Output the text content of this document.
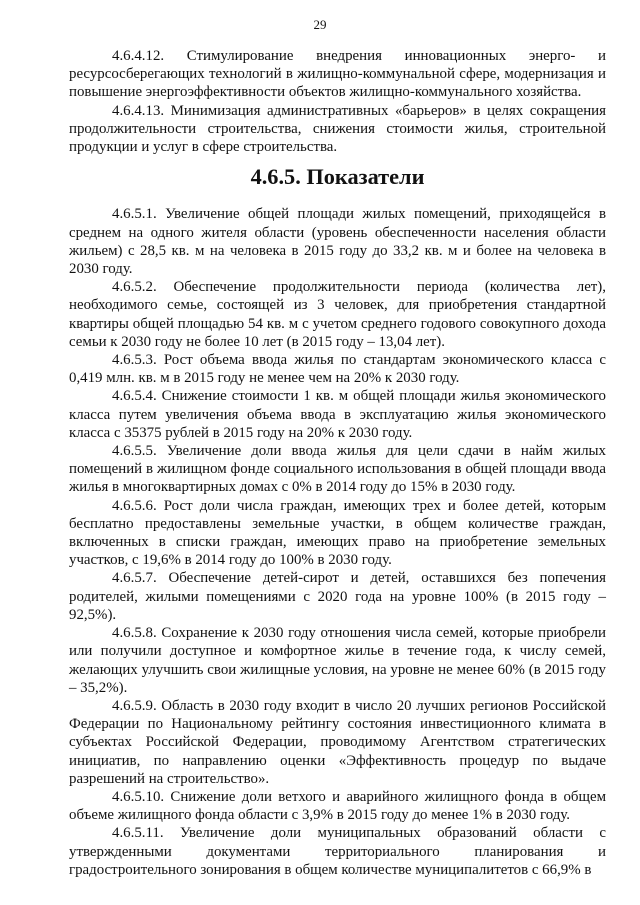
29

4.6.4.12. Стимулирование внедрения инновационных энерго- и ресурсосберегающих технологий в жилищно-коммунальной сфере, модернизация и повышение энергоэффективности объектов жилищно-коммунального хозяйства.

4.6.4.13. Минимизация административных «барьеров» в целях сокращения продолжительности строительства, снижения стоимости жилья, строительной продукции и услуг в сфере строительства.

4.6.5. Показатели

4.6.5.1. Увеличение общей площади жилых помещений, приходящейся в среднем на одного жителя области (уровень обеспеченности населения области жильем) с 28,5 кв. м на человека в 2015 году до 33,2 кв. м и более на человека в 2030 году.

4.6.5.2. Обеспечение продолжительности периода (количества лет), необходимого семье, состоящей из 3 человек, для приобретения стандартной квартиры общей площадью 54 кв. м с учетом среднего годового совокупного дохода семьи к 2030 году не более 10 лет (в 2015 году – 13,04 лет).

4.6.5.3. Рост объема ввода жилья по стандартам экономического класса с 0,419 млн. кв. м в 2015 году не менее чем на 20% к 2030 году.

4.6.5.4. Снижение стоимости 1 кв. м общей площади жилья экономического класса путем увеличения объема ввода в эксплуатацию жилья экономического класса с 35375 рублей в 2015 году на 20% к 2030 году.

4.6.5.5. Увеличение доли ввода жилья для цели сдачи в найм жилых помещений в жилищном фонде социального использования в общей площади ввода жилья в многоквартирных домах с 0% в 2014 году до 15% в 2030 году.

4.6.5.6. Рост доли числа граждан, имеющих трех и более детей, которым бесплатно предоставлены земельные участки, в общем количестве граждан, включенных в списки граждан, имеющих право на приобретение земельных участков, с 19,6% в 2014 году до 100% в 2030 году.

4.6.5.7. Обеспечение детей-сирот и детей, оставшихся без попечения родителей, жилыми помещениями с 2020 года на уровне 100% (в 2015 году – 92,5%).

4.6.5.8. Сохранение к 2030 году отношения числа семей, которые приобрели или получили доступное и комфортное жилье в течение года, к числу семей, желающих улучшить свои жилищные условия, на уровне не менее 60% (в 2015 году – 35,2%).

4.6.5.9. Область в 2030 году входит в число 20 лучших регионов Российской Федерации по Национальному рейтингу состояния инвестиционного климата в субъектах Российской Федерации, проводимому Агентством стратегических инициатив, по направлению оценки «Эффективность процедур по выдаче разрешений на строительство».

4.6.5.10. Снижение доли ветхого и аварийного жилищного фонда в общем объеме жилищного фонда области с 3,9% в 2015 году до менее 1% в 2030 году.

4.6.5.11. Увеличение доли муниципальных образований области с утвержденными документами территориального планирования и градостроительного зонирования в общем количестве муниципалитетов с 66,9% в
